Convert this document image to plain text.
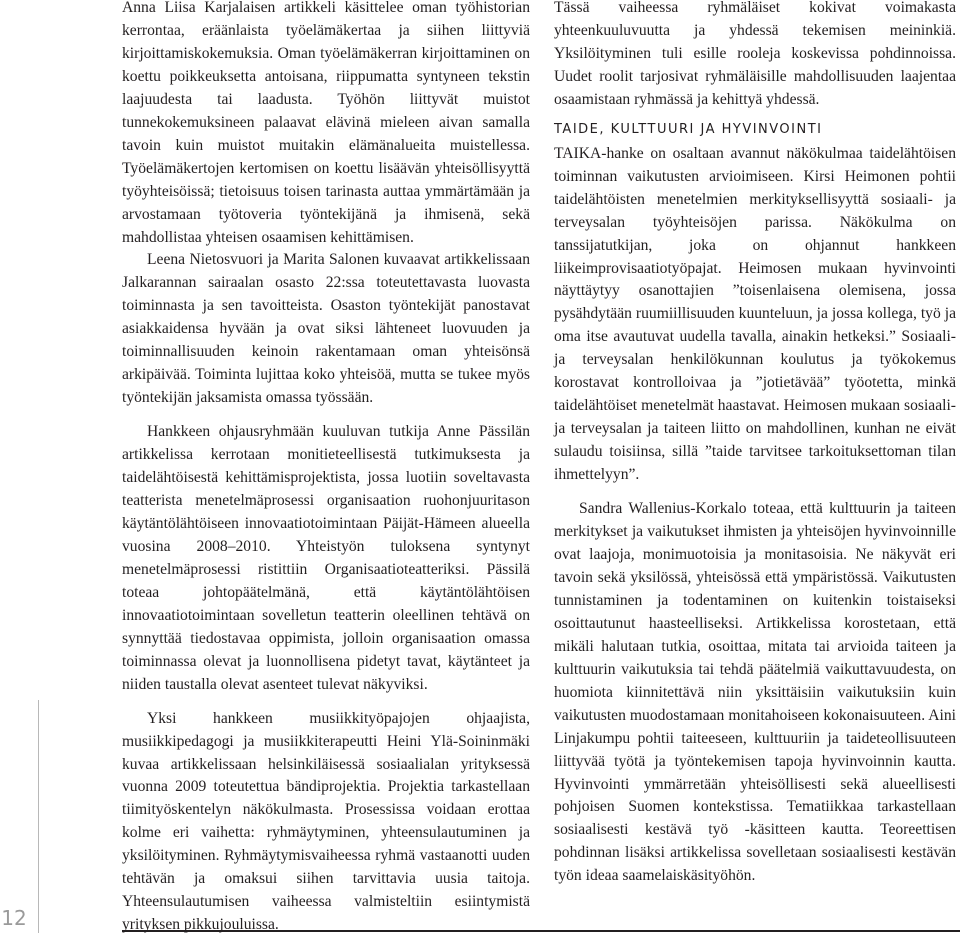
12

Anna Liisa Karjalaisen artikkeli käsittelee oman työhistorian kerrontaa, eräänlaista työelämäkertaa ja siihen liittyviä kirjoittamiskokemuksia. Oman työelämäkerran kirjoittaminen on koettu poikkeuksetta antoisana, riippumatta syntyneen tekstin laajuudesta tai laadusta. Työhön liittyvät muistot tunnekokemuksineen palaavat elävinä mieleen aivan samalla tavoin kuin muistot muitakin elämänalueita muistellessa. Työelämäkertojen kertomisen on koettu lisäävän yhteisöllisyyttä työyhteisöissä; tietoisuus toisen tarinasta auttaa ymmärtämään ja arvostamaan työtoveria työntekijänä ja ihmisenä, sekä mahdollistaa yhteisen osaamisen kehittämisen.

Leena Nietosvuori ja Marita Salonen kuvaavat artikkelissaan Jalkarannan sairaalan osasto 22:ssa toteutettavasta luovasta toiminnasta ja sen tavoitteista. Osaston työntekijät panostavat asiakkaidensa hyvään ja ovat siksi lähteneet luovuuden ja toiminnallisuuden keinoin rakentamaan oman yhteisönsä arkipäivää. Toiminta lujittaa koko yhteisöä, mutta se tukee myös työntekijän jaksamista omassa työssään.

Hankkeen ohjausryhmään kuuluvan tutkija Anne Pässilän artikkelissa kerrotaan monitieteellisestä tutkimuksesta ja taidelähtöisestä kehittämisprojektista, jossa luotiin soveltavasta teatterista menetelmäprosessi organisaation ruohonjuuritason käytäntölähtöiseen innovaatiotoimintaan Päijät-Hämeen alueella vuosina 2008–2010. Yhteistyön tuloksena syntynyt menetelmäprosessi ristittiin Organisaatioteatteriksi. Pässilä toteaa johtopäätelmänä, että käytäntölähtöisen innovaatiotoimintaan sovelletun teatterin oleellinen tehtävä on synnyttää tiedostavaa oppimista, jolloin organisaation omassa toiminnassa olevat ja luonnollisena pidetyt tavat, käytänteet ja niiden taustalla olevat asenteet tulevat näkyviksi.

Yksi hankkeen musiikkityöpajojen ohjaajista, musiikkipedagogi ja musiikkiterapeutti Heini Ylä-Soininmäki kuvaa artikkelissaan helsinkiläisessä sosiaalialan yrityksessä vuonna 2009 toteutettua bändiprojektia. Projektia tarkastellaan tiimityöskentelyn näkökulmasta. Prosessissa voidaan erottaa kolme eri vaihetta: ryhmäytyminen, yhteensulautuminen ja yksilöityminen. Ryhmäytymisvaiheessa ryhmä vastaanotti uuden tehtävän ja omaksui siihen tarvittavia uusia taitoja. Yhteensulautumisen vaiheessa valmisteltiin esiintymistä yrityksen pikkujouluissa.

Tässä vaiheessa ryhmäläiset kokivat voimakasta yhteenkuuluvuutta ja yhdessä tekemisen meininkiä. Yksilöityminen tuli esille rooleja koskevissa pohdinnoissa. Uudet roolit tarjosivat ryhmäläisille mahdollisuuden laajentaa osaamistaan ryhmässä ja kehittyä yhdessä.

TAIDE, KULTTUURI JA HYVINVOINTI

TAIKA-hanke on osaltaan avannut näkökulmaa taidelähtöisen toiminnan vaikutusten arvioimiseen. Kirsi Heimonen pohtii taidelähtöisten menetelmien merkityksellisyyttä sosiaali- ja terveysalan työyhteisöjen parissa. Näkökulma on tanssijatutkijan, joka on ohjannut hankkeen liikeimprovisaatiotyöpajat. Heimosen mukaan hyvinvointi näyttäytyy osanottajien ”toisenlaisena olemisena, jossa pysähdytään ruumiillisuuden kuunteluun, ja jossa kollega, työ ja oma itse avautuvat uudella tavalla, ainakin hetkeksi.” Sosiaali- ja terveysalan henkilökunnan koulutus ja työkokemus korostavat kontrolloivaa ja ”jotietävää” työotetta, minkä taidelähtöiset menetelmät haastavat. Heimosen mukaan sosiaali- ja terveysalan ja taiteen liitto on mahdollinen, kunhan ne eivät sulaudu toisiinsa, sillä ”taide tarvitsee tarkoituksettoman tilan ihmettelyyn”.

Sandra Wallenius-Korkalo toteaa, että kulttuurin ja taiteen merkitykset ja vaikutukset ihmisten ja yhteisöjen hyvinvoinnille ovat laajoja, monimuotoisia ja monitasoisia. Ne näkyvät eri tavoin sekä yksilössä, yhteisössä että ympäristössä. Vaikutusten tunnistaminen ja todentaminen on kuitenkin toistaiseksi osoittautunut haasteelliseksi. Artikkelissa korostetaan, että mikäli halutaan tutkia, osoittaa, mitata tai arvioida taiteen ja kulttuurin vaikutuksia tai tehdä päätelmiä vaikuttavuudesta, on huomiota kiinnitettävä niin yksittäisiin vaikutuksiin kuin vaikutusten muodostamaan monitahoiseen kokonaisuuteen. Aini Linjakumpu pohtii taiteeseen, kulttuuriin ja taideteollisuuteen liittyvää työtä ja työntekemisen tapoja hyvinvoinnin kautta. Hyvinvointi ymmärretään yhteisöllisesti sekä alueellisesti pohjoisen Suomen kontekstissa. Tematiikkaa tarkastellaan sosiaalisesti kestävä työ -käsitteen kautta. Teoreettisen pohdinnan lisäksi artikkelissa sovelletaan sosiaalisesti kestävän työn ideaa saamelaiskäsityöhön.
